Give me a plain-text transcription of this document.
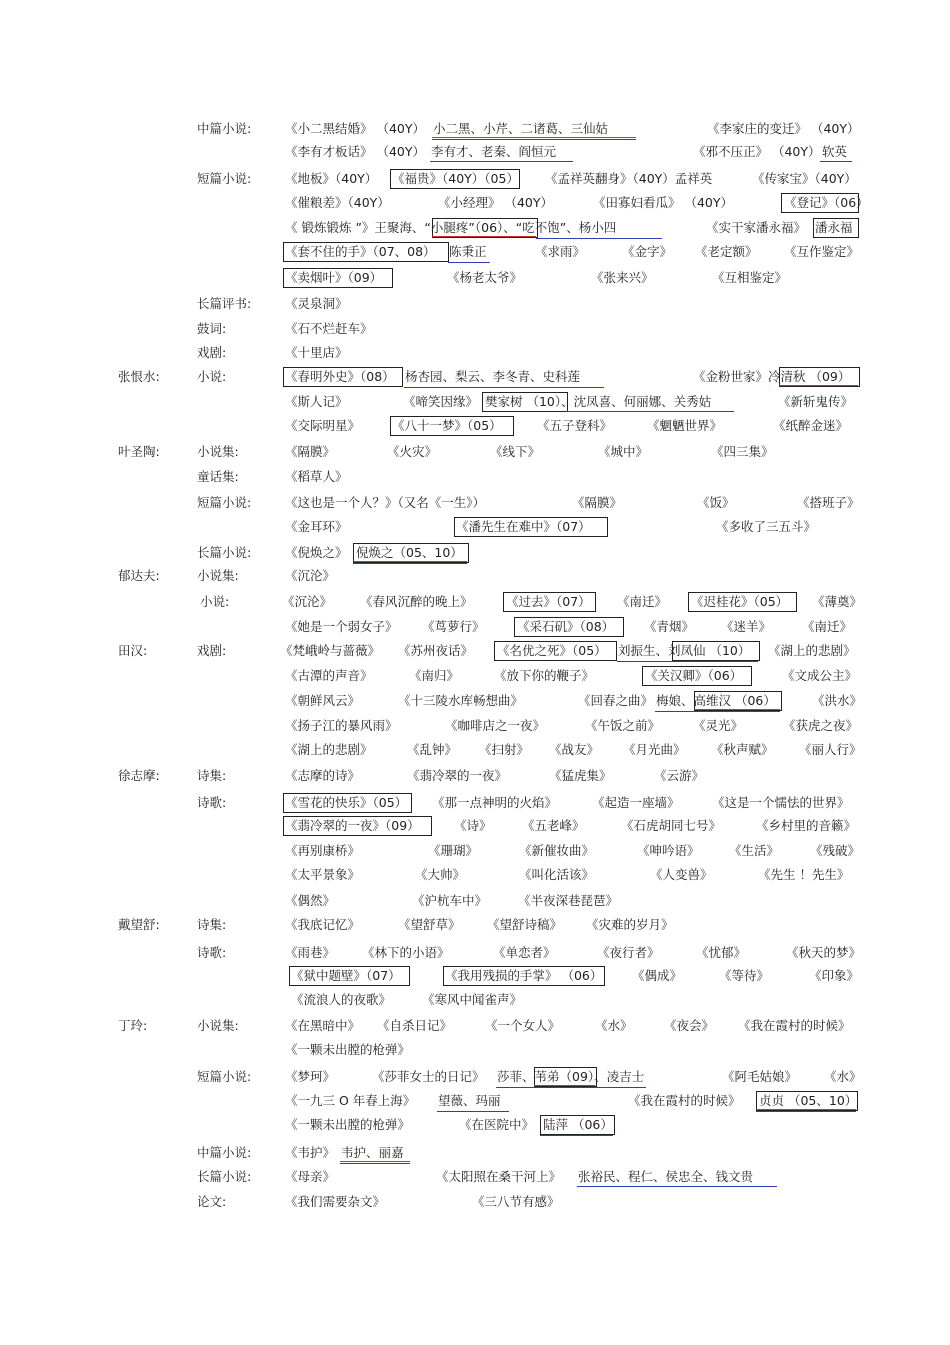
中篇小说:	《小二黑结婚》 （40Y） 小二黑、小芹、二诸葛、三仙姑	《李家庄的变迁》 （40Y）
《李有才板话》 （40Y） 李有才、老秦、阎恒元	《邪不压正》 （40Y） 软英
短篇小说:	《地板》（40Y） 《福贵》（40Y）（05） 《孟祥英翻身》（40Y）孟祥英	《传家宝》（40Y）
《催粮差》（40Y）	《小经理》 （40Y）	《田寡妇看瓜》 （40Y）	《登记》（06）
《 锻炼锻炼 ”》王聚海、“小腿疼”（06）、“吃不饱”、杨小四	《实干家潘永福》 潘永福
《套不住的手》（07、08） 陈秉正	《求雨》	《金字》 《老定额》 《互作鉴定》
《卖烟叶》（09）	《杨老太爷》	《张来兴》	《互相鉴定》
长篇评书:	《灵泉洞》
鼓词:	《石不烂赶车》
戏剧:	《十里店》
张恨水:	小说:	《春明外史》（08） 杨杏园、梨云、李冬青、史科莲	《金粉世家》冷清秋 （09）
《斯人记》	《啼笑因缘》 樊家树 （10）、沈凤喜、何丽娜、关秀姑	《新斩鬼传》
《交际明星》	《八十一梦》（05）	《五子登科》	《魍魉世界》	《纸醉金迷》
叶圣陶:	小说集:	《隔膜》	《火灾》	《线下》	《城中》	《四三集》
童话集:	《稻草人》
短篇小说:	《这也是一个人？》（又名《一生》）	《隔膜》	《饭》	《搭班子》
《金耳环》	《潘先生在难中》（07）	《多收了三五斗》
长篇小说:	《倪焕之》 倪焕之（05、10）
郁达夫:	小说集:	《沉沦》
小说:	《沉沦》 《春风沉醉的晚上》	《过去》（07） 《南迁》 《迟桂花》（05） 《薄奠》
《她是一个弱女子》 《茑萝行》	《采石矶》（08） 《青烟》 《迷羊》 《南迁》
田汉:	戏剧:	《梵峨岭与蔷薇》 《苏州夜话》 《名优之死》（05） 刘振生、刘凤仙 （10） 《湖上的悲剧》
《古潭的声音》	《南归》	《放下你的鞭子》	《关汉卿》（06）	《文成公主》
《朝鲜风云》	《十三陵水库畅想曲》	《回春之曲》 梅娘、高维汉 （06）	《洪水》
《扬子江的暴风雨》	《咖啡店之一夜》	《午饭之前》	《灵光》	《获虎之夜》
《湖上的悲剧》	《乱钟》 《扫射》 《战友》 《月光曲》 《秋声赋》 《丽人行》
徐志摩:	诗集:	《志摩的诗》	《翡冷翠的一夜》	《猛虎集》	《云游》
诗歌:	《雪花的快乐》（05） 《那一点神明的火焰》	《起造一座墙》	《这是一个懦怯的世界》
《翡冷翠的一夜》（09）	《诗》 《五老峰》	《石虎胡同七号》	《乡村里的音籁》
《再别康桥》	《珊瑚》	《新催妆曲》	《呻吟语》 《生活》 《残破》
《太平景象》	《大帅》	《叫化活该》	《人变兽》	《先生 ！先生》
《偶然》	《沪杭车中》 《半夜深巷琵琶》
戴望舒:	诗集:	《我底记忆》	《望舒草》 《望舒诗稿》 《灾难的岁月》
诗歌:	《雨巷》 《林下的小语》	《单恋者》	《夜行者》	《忧郁》	《秋天的梦》
《狱中题壁》（07）	《我用残损的手掌》 （06） 《偶成》	《等待》	《印象》
《流浪人的夜歌》 《寒风中闻雀声》
丁玲:	小说集:	《在黑暗中》 《自杀日记》	《一个女人》	《水》	《夜会》 《我在霞村的时候》
《一颗未出膛的枪弹》
短篇小说:	《梦珂》	《莎菲女士的日记》 莎菲、苇弟（09）、凌吉士	《阿毛姑娘》 《水》
《一九三 O 年春上海》 望薇、玛丽	《我在霞村的时候》 贞贞 （05、10）
《一颗未出膛的枪弹》	《在医院中》 陆萍 （06）
中篇小说:	《韦护》 韦护、丽嘉
长篇小说:	《母亲》	《太阳照在桑干河上》 张裕民、程仁、侯忠全、钱文贵
论文:	《我们需要杂文》	《三八节有感》
